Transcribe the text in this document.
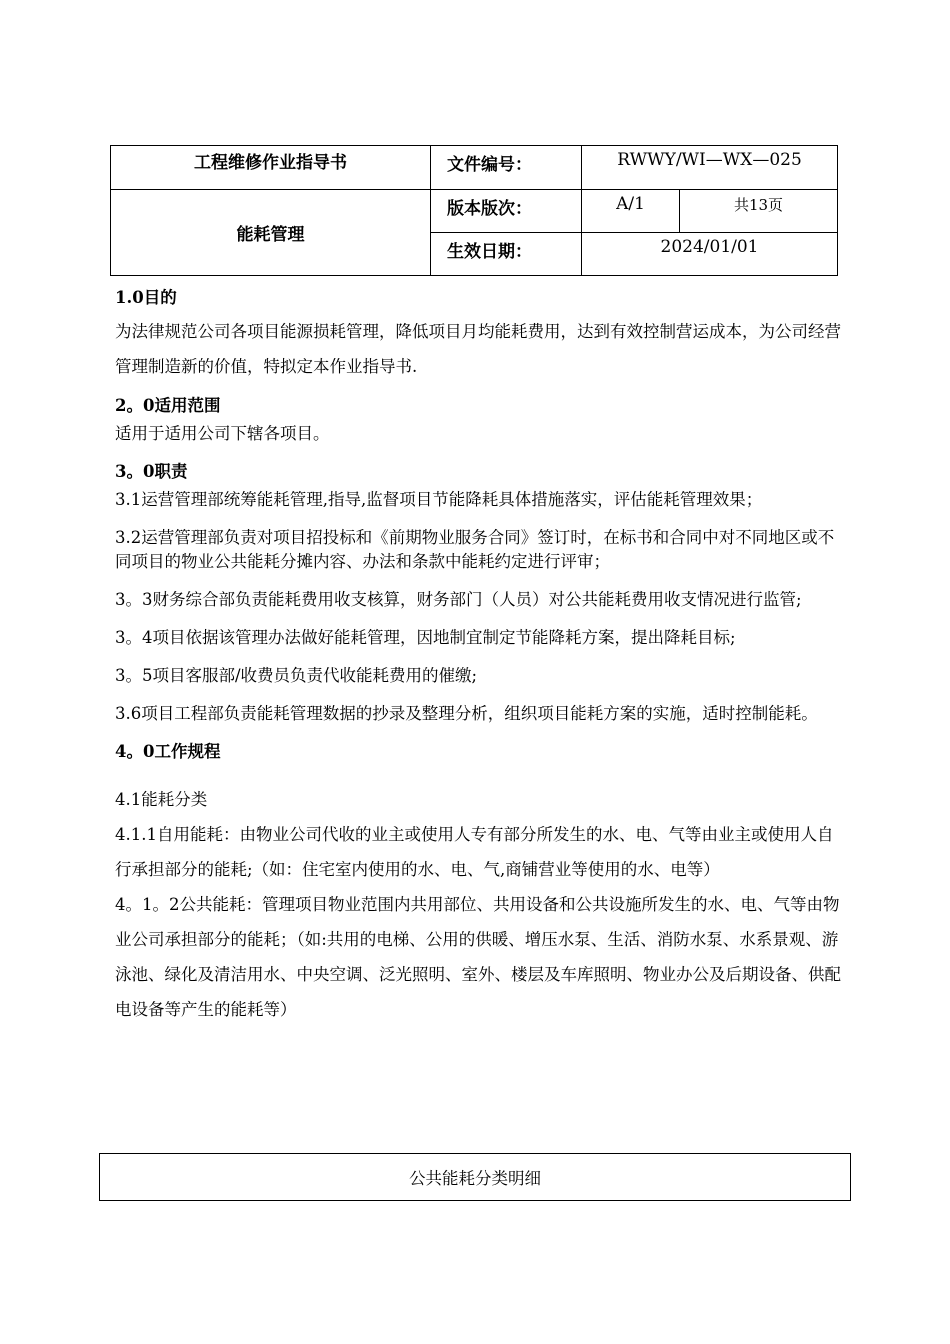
工程维修作业指导书	文件编号：	RWWY/WI—WX—025	
能耗管理	版本版次：	A/1	共13页
	生效日期：	2024/01/01	

1.0目的

为法律规范公司各项目能源损耗管理，降低项目月均能耗费用，达到有效控制营运成本，为公司经营管理制造新的价值，特拟定本作业指导书.

2。0适用范围

适用于适用公司下辖各项目。

3。0职责

3.1运营管理部统筹能耗管理,指导,监督项目节能降耗具体措施落实，评估能耗管理效果；

3.2运营管理部负责对项目招投标和《前期物业服务合同》签订时，在标书和合同中对不同地区或不同项目的物业公共能耗分摊内容、办法和条款中能耗约定进行评审；

3。3财务综合部负责能耗费用收支核算，财务部门（人员）对公共能耗费用收支情况进行监管;

3。4项目依据该管理办法做好能耗管理，因地制宜制定节能降耗方案，提出降耗目标;

3。5项目客服部/收费员负责代收能耗费用的催缴;

3.6项目工程部负责能耗管理数据的抄录及整理分析，组织项目能耗方案的实施，适时控制能耗。

4。0工作规程

4.1能耗分类

4.1.1自用能耗：由物业公司代收的业主或使用人专有部分所发生的水、电、气等由业主或使用人自行承担部分的能耗;（如：住宅室内使用的水、电、气,商铺营业等使用的水、电等）

4。1。2公共能耗：管理项目物业范围内共用部位、共用设备和公共设施所发生的水、电、气等由物业公司承担部分的能耗；（如:共用的电梯、公用的供暖、增压水泵、生活、消防水泵、水系景观、游泳池、绿化及清洁用水、中央空调、泛光照明、室外、楼层及车库照明、物业办公及后期设备、供配电设备等产生的能耗等）

公共能耗分类明细
